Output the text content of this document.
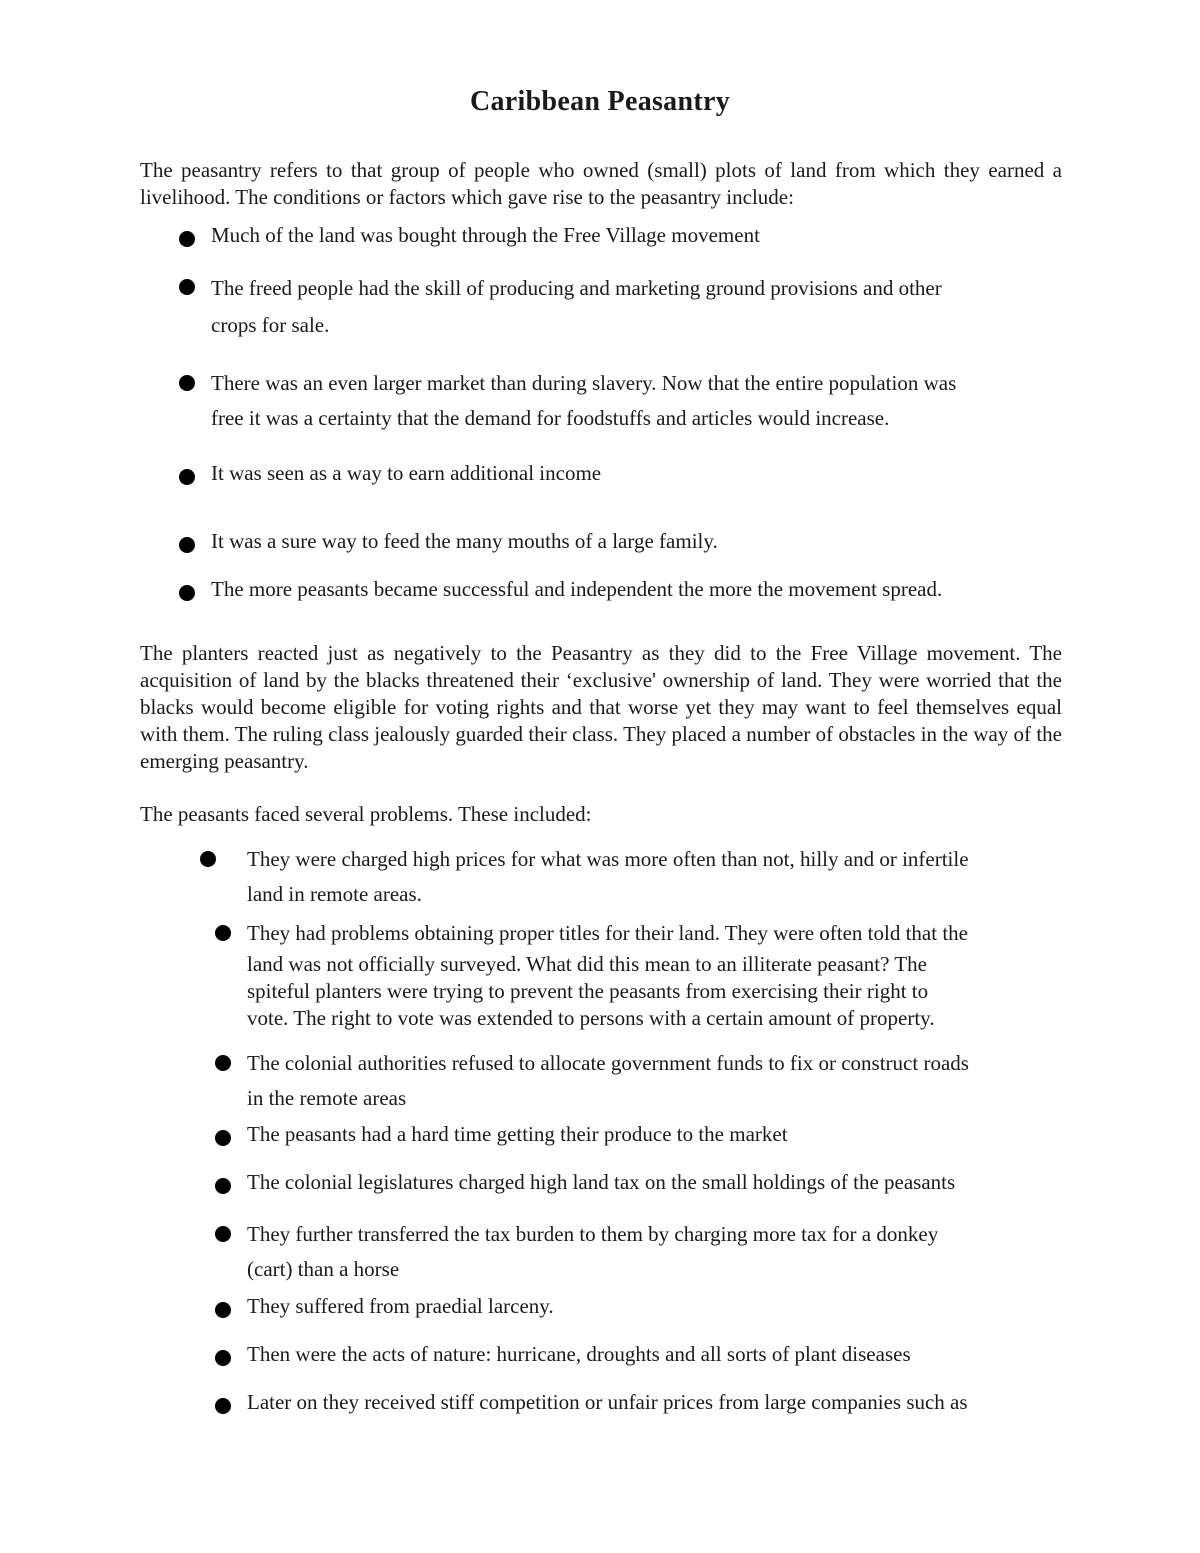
Caribbean Peasantry

The peasantry refers to that group of people who owned (small) plots of land from which they earned a livelihood. The conditions or factors which gave rise to the peasantry include:

Much of the land was bought through the Free Village movement
The freed people had the skill of producing and marketing ground provisions and other
crops for sale.
There was an even larger market than during slavery. Now that the entire population was
free it was a certainty that the demand for foodstuffs and articles would increase.
It was seen as a way to earn additional income
It was a sure way to feed the many mouths of a large family.
The more peasants became successful and independent the more the movement spread.

The planters reacted just as negatively to the Peasantry as they did to the Free Village movement. The acquisition of land by the blacks threatened their ‘exclusive' ownership of land. They were worried that the blacks would become eligible for voting rights and that worse yet they may want to feel themselves equal with them. The ruling class jealously guarded their class. They placed a number of obstacles in the way of the emerging peasantry.

The peasants faced several problems. These included:

They were charged high prices for what was more often than not, hilly and or infertile
land in remote areas.
They had problems obtaining proper titles for their land. They were often told that the
land was not officially surveyed. What did this mean to an illiterate peasant? The
spiteful planters were trying to prevent the peasants from exercising their right to
vote. The right to vote was extended to persons with a certain amount of property.
The colonial authorities refused to allocate government funds to fix or construct roads
in the remote areas
The peasants had a hard time getting their produce to the market
The colonial legislatures charged high land tax on the small holdings of the peasants
They further transferred the tax burden to them by charging more tax for a donkey
(cart) than a horse
They suffered from praedial larceny.
Then were the acts of nature: hurricane, droughts and all sorts of plant diseases
Later on they received stiff competition or unfair prices from large companies such as
